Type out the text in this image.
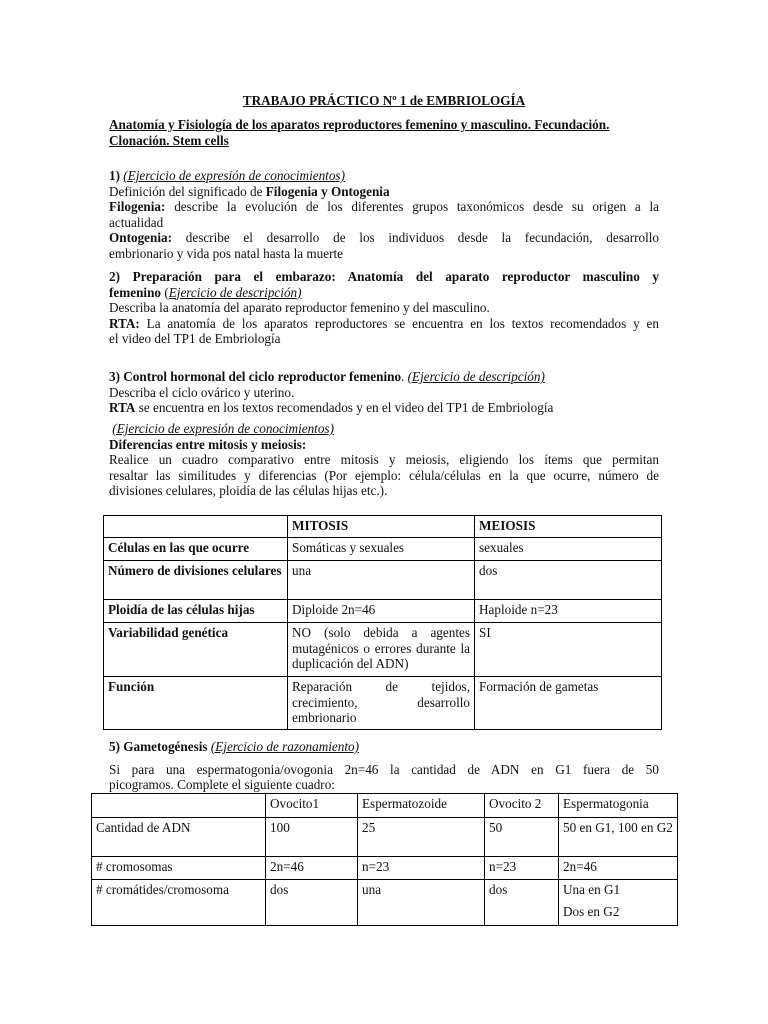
TRABAJO PRÁCTICO Nº 1 de EMBRIOLOGÍA
Anatomía y Fisiología de los aparatos reproductores femenino y masculino. Fecundación.
Clonación. Stem cells

1) (Ejercicio de expresión de conocimientos)

Definición del significado de Filogenia y Ontogenia

Filogenia: describe la evolución de los diferentes grupos taxonómicos desde su origen a la

actualidad

Ontogenia: describe el desarrollo de los individuos desde la fecundación, desarrollo

embrionario y vida pos natal hasta la muerte

2) Preparación para el embarazo: Anatomía del aparato reproductor masculino y

femenino (Ejercicio de descripción)

Describa la anatomía del aparato reproductor femenino y del masculino.

RTA: La anatomía de los aparatos reproductores se encuentra en los textos recomendados y en

el video del TP1 de Embriología

3) Control hormonal del ciclo reproductor femenino. (Ejercicio de descripción)

Describa el ciclo ovárico y uterino.

RTA se encuentra en los textos recomendados y en el video del TP1 de Embriología

(Ejercicio de expresión de conocimientos)

Diferencias entre mitosis y meiosis:

Realice un cuadro comparativo entre mitosis y meiosis, eligiendo los ítems que permitan

resaltar las similitudes y diferencias (Por ejemplo: célula/células en la que ocurre, número de

divisiones celulares, ploidía de las células hijas etc.).

	MITOSIS	MEIOSIS
Células en las que ocurre	Somáticas y sexuales	sexuales
Número de divisiones celulares	una	dos
Ploidía de las células hijas	Diploide 2n=46	Haploide n=23
Variabilidad genética	NO (solo debida a agentes mutagénicos o errores durante la duplicación del ADN)	SI
Función	Reparación de tejidos, crecimiento, desarrollo embrionario	Formación de gametas

5) Gametogénesis (Ejercicio de razonamiento)

Si para una espermatogonia/ovogonia 2n=46 la cantidad de ADN en G1 fuera de 50

picogramos. Complete el siguiente cuadro:

	Ovocito1	Espermatozoide	Ovocito 2	Espermatogonia
Cantidad de ADN	100	25	50	50 en G1, 100 en G2
# cromosomas	2n=46	n=23	n=23	2n=46
# cromátides/cromosoma	dos	una	dos	Una en G1
Dos en G2
